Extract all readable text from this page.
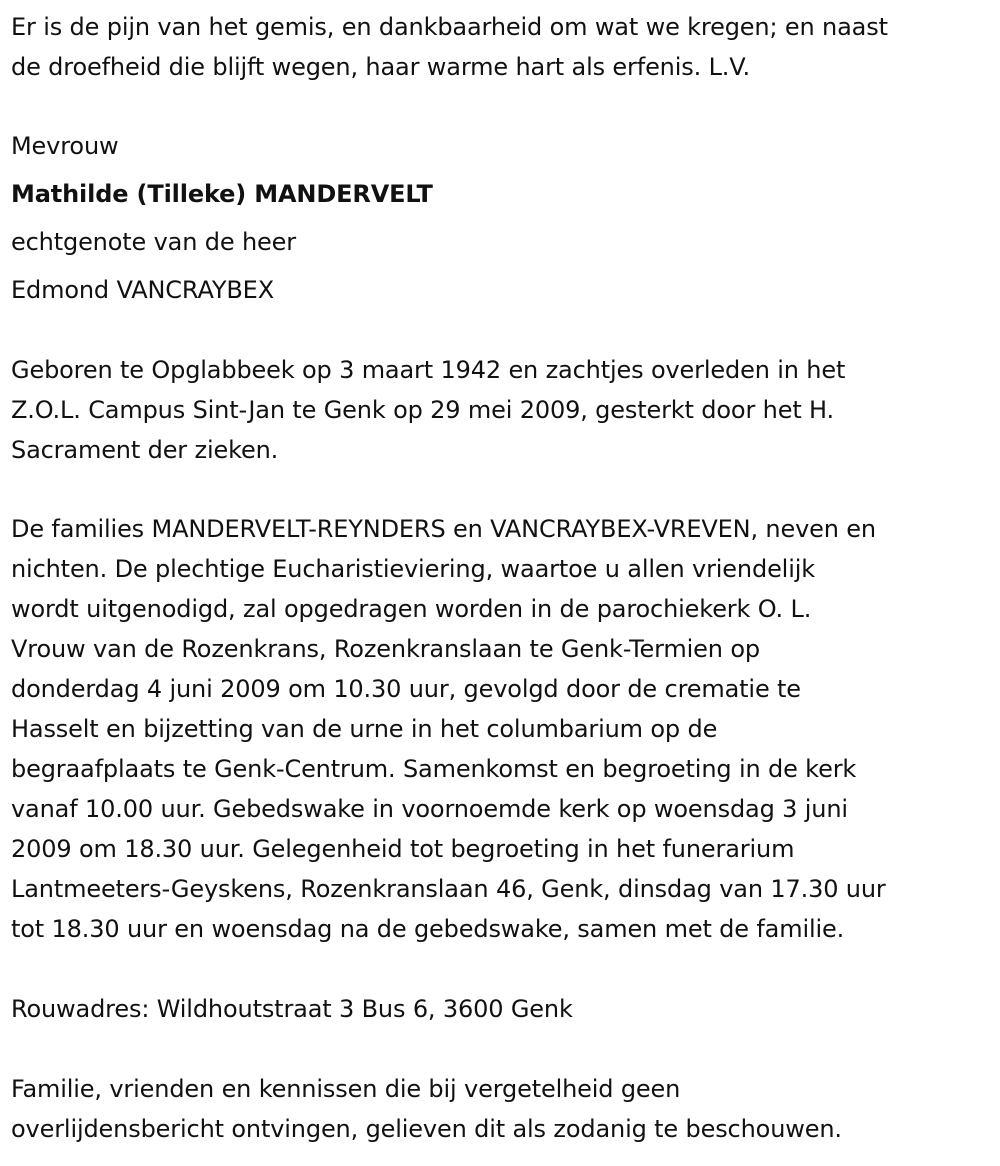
Er is de pijn van het gemis, en dankbaarheid om wat we kregen; en naast
de droefheid die blijft wegen, haar warme hart als erfenis. L.V.
Mevrouw
Mathilde (Tilleke) MANDERVELT
echtgenote van de heer
Edmond VANCRAYBEX
Geboren te Opglabbeek op 3 maart 1942 en zachtjes overleden in het
Z.O.L. Campus Sint-Jan te Genk op 29 mei 2009, gesterkt door het H.
Sacrament der zieken.
De families MANDERVELT-REYNDERS en VANCRAYBEX-VREVEN, neven en
nichten. De plechtige Eucharistieviering, waartoe u allen vriendelijk
wordt uitgenodigd, zal opgedragen worden in de parochiekerk O. L.
Vrouw van de Rozenkrans, Rozenkranslaan te Genk-Termien op
donderdag 4 juni 2009 om 10.30 uur, gevolgd door de crematie te
Hasselt en bijzetting van de urne in het columbarium op de
begraafplaats te Genk-Centrum. Samenkomst en begroeting in de kerk
vanaf 10.00 uur. Gebedswake in voornoemde kerk op woensdag 3 juni
2009 om 18.30 uur. Gelegenheid tot begroeting in het funerarium
Lantmeeters-Geyskens, Rozenkranslaan 46, Genk, dinsdag van 17.30 uur
tot 18.30 uur en woensdag na de gebedswake, samen met de familie.
Rouwadres: Wildhoutstraat 3 Bus 6, 3600 Genk
Familie, vrienden en kennissen die bij vergetelheid geen
overlijdensbericht ontvingen, gelieven dit als zodanig te beschouwen.
